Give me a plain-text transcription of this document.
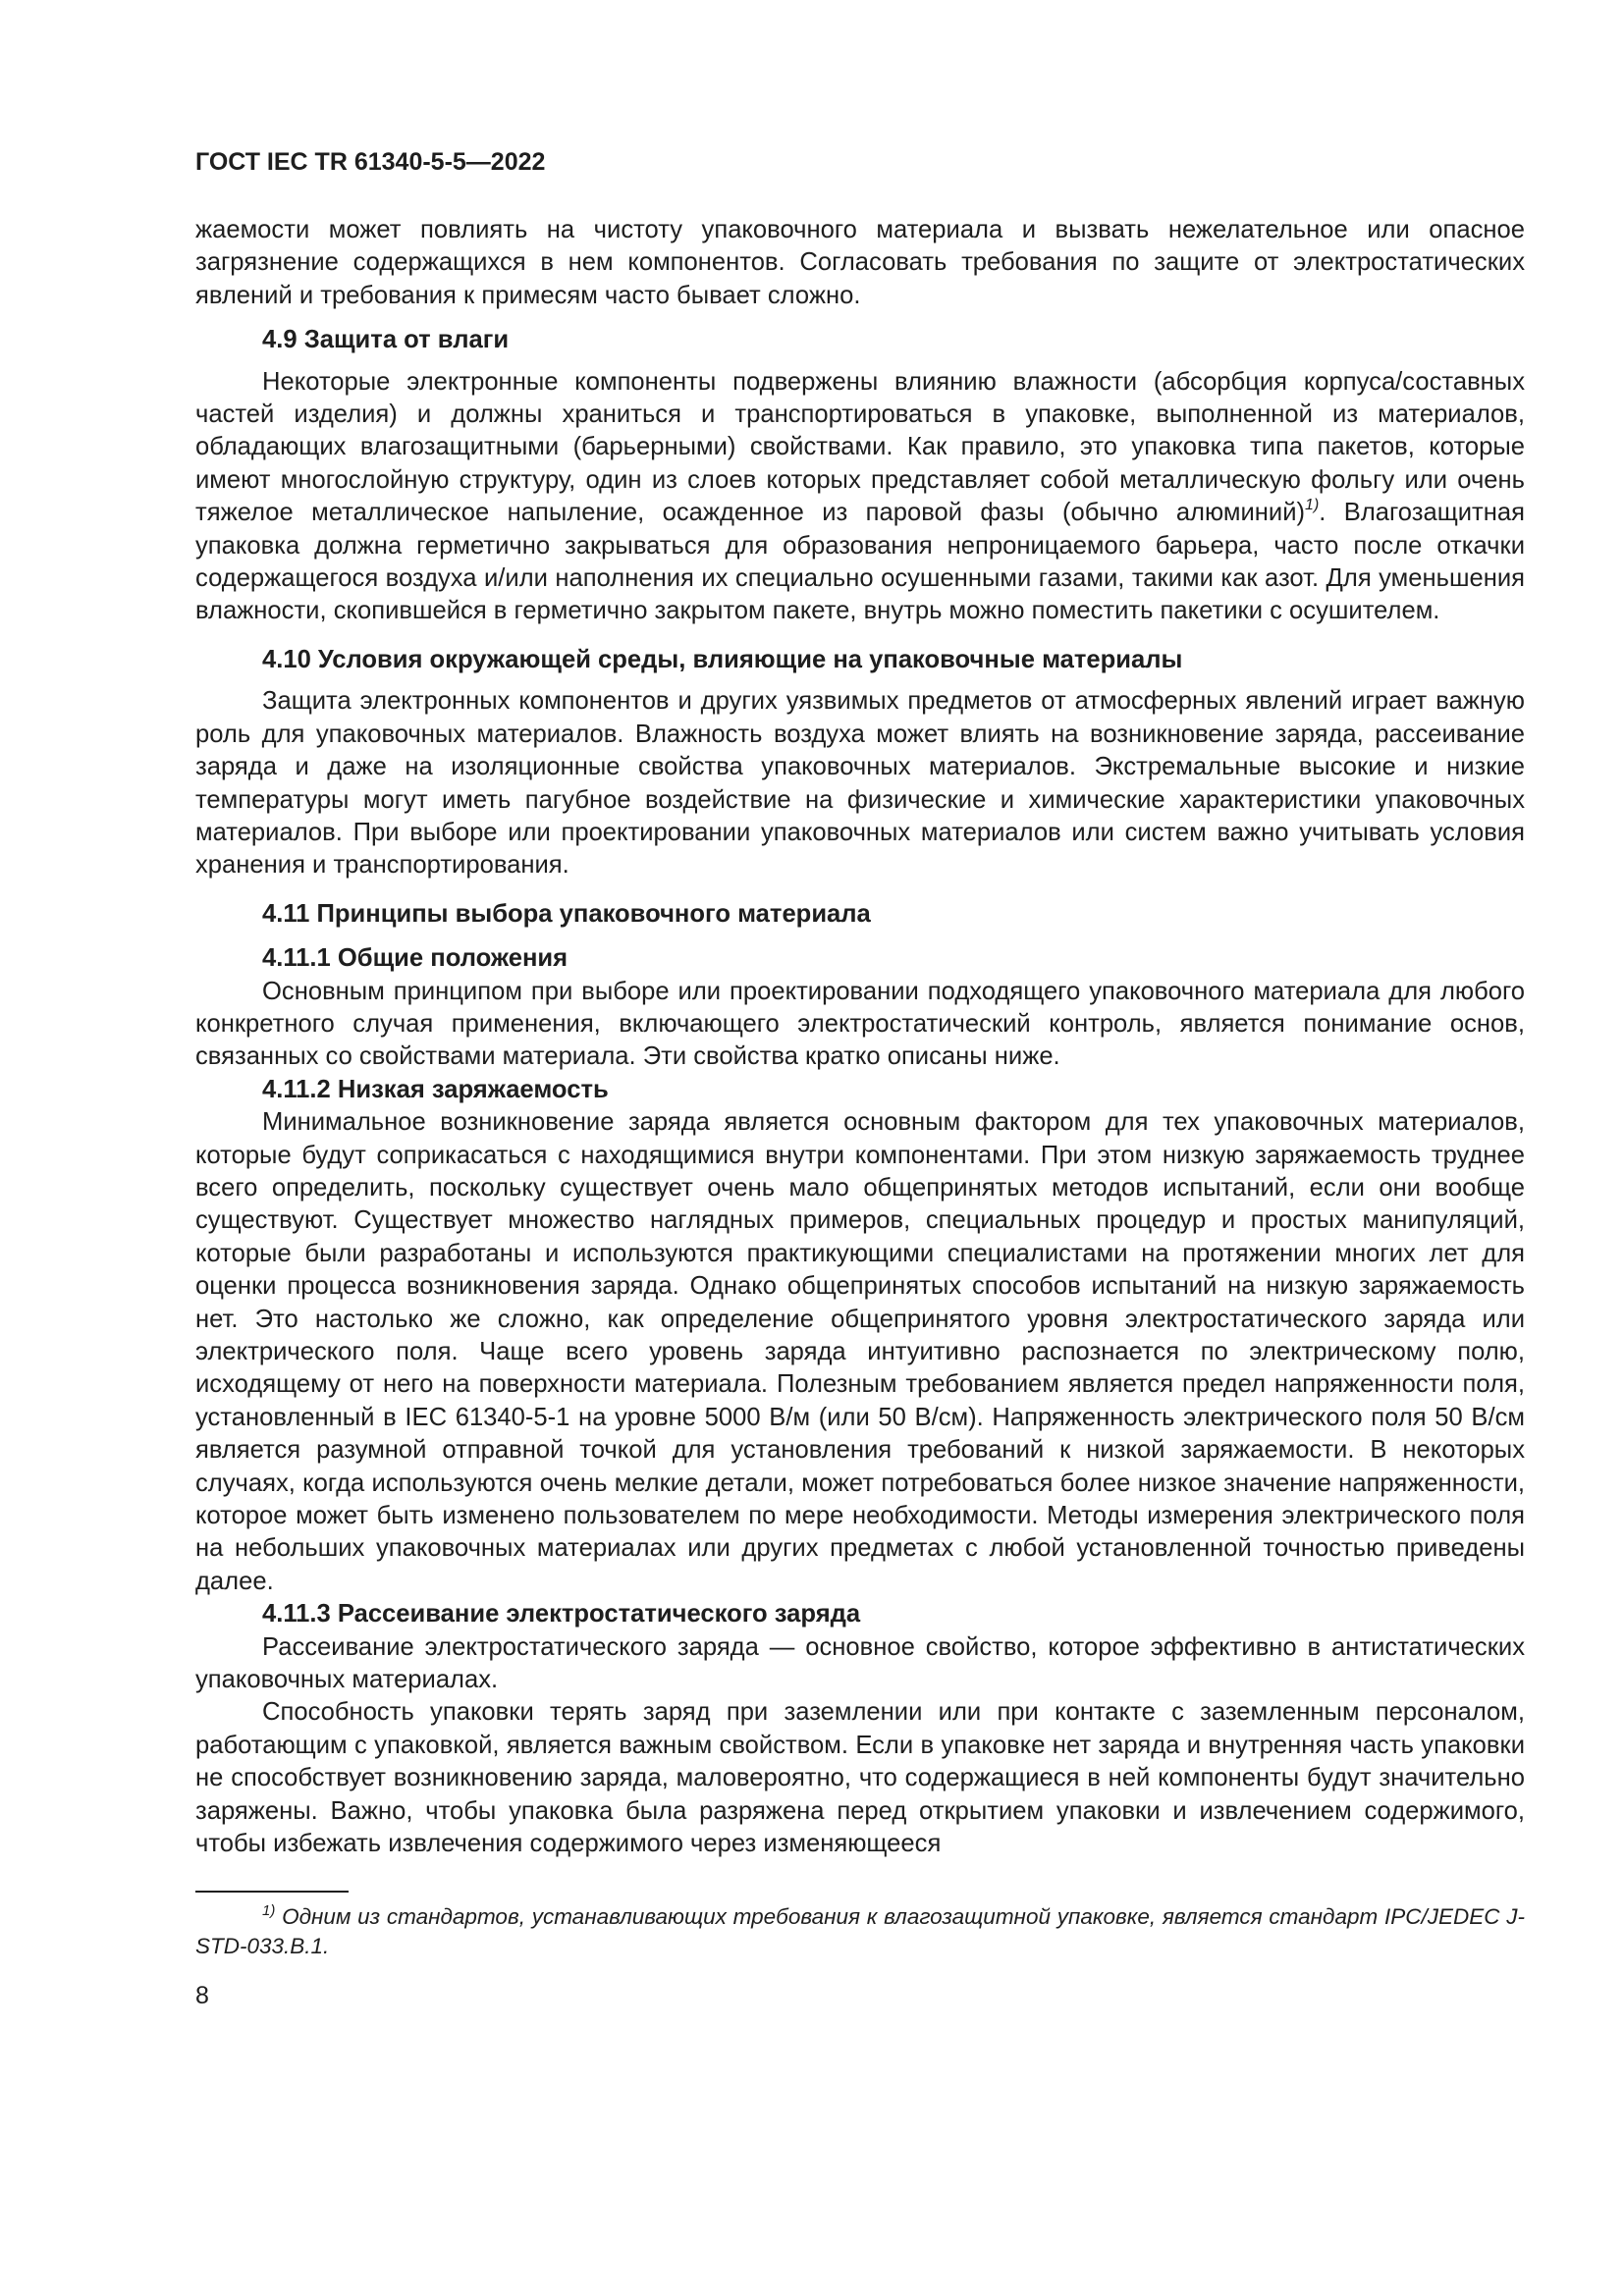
ГОСТ IEC TR 61340-5-5—2022

жаемости может повлиять на чистоту упаковочного материала и вызвать нежелательное или опасное загрязнение содержащихся в нем компонентов. Согласовать требования по защите от электростатических явлений и требования к примесям часто бывает сложно.

4.9 Защита от влаги

Некоторые электронные компоненты подвержены влиянию влажности (абсорбция корпуса/составных частей изделия) и должны храниться и транспортироваться в упаковке, выполненной из материалов, обладающих влагозащитными (барьерными) свойствами. Как правило, это упаковка типа пакетов, которые имеют многослойную структуру, один из слоев которых представляет собой металлическую фольгу или очень тяжелое металлическое напыление, осажденное из паровой фазы (обычно алюминий)$^{1)}$. Влагозащитная упаковка должна герметично закрываться для образования непроницаемого барьера, часто после откачки содержащегося воздуха и/или наполнения их специально осушенными газами, такими как азот. Для уменьшения влажности, скопившейся в герметично закрытом пакете, внутрь можно поместить пакетики с осушителем.

4.10 Условия окружающей среды, влияющие на упаковочные материалы

Защита электронных компонентов и других уязвимых предметов от атмосферных явлений играет важную роль для упаковочных материалов. Влажность воздуха может влиять на возникновение заряда, рассеивание заряда и даже на изоляционные свойства упаковочных материалов. Экстремальные высокие и низкие температуры могут иметь пагубное воздействие на физические и химические характеристики упаковочных материалов. При выборе или проектировании упаковочных материалов или систем важно учитывать условия хранения и транспортирования.

4.11 Принципы выбора упаковочного материала
4.11.1 Общие положения

Основным принципом при выборе или проектировании подходящего упаковочного материала для любого конкретного случая применения, включающего электростатический контроль, является понимание основ, связанных со свойствами материала. Эти свойства кратко описаны ниже.

4.11.2 Низкая заряжаемость

Минимальное возникновение заряда является основным фактором для тех упаковочных материалов, которые будут соприкасаться с находящимися внутри компонентами. При этом низкую заряжаемость труднее всего определить, поскольку существует очень мало общепринятых методов испытаний, если они вообще существуют. Существует множество наглядных примеров, специальных процедур и простых манипуляций, которые были разработаны и используются практикующими специалистами на протяжении многих лет для оценки процесса возникновения заряда. Однако общепринятых способов испытаний на низкую заряжаемость нет. Это настолько же сложно, как определение общепринятого уровня электростатического заряда или электрического поля. Чаще всего уровень заряда интуитивно распознается по электрическому полю, исходящему от него на поверхности материала. Полезным требованием является предел напряженности поля, установленный в IEC 61340-5-1 на уровне 5000 В/м (или 50 В/см). Напряженность электрического поля 50 В/см является разумной отправной точкой для установления требований к низкой заряжаемости. В некоторых случаях, когда используются очень мелкие детали, может потребоваться более низкое значение напряженности, которое может быть изменено пользователем по мере необходимости. Методы измерения электрического поля на небольших упаковочных материалах или других предметах с любой установленной точностью приведены далее.

4.11.3 Рассеивание электростатического заряда

Рассеивание электростатического заряда — основное свойство, которое эффективно в антистатических упаковочных материалах.

Способность упаковки терять заряд при заземлении или при контакте с заземленным персоналом, работающим с упаковкой, является важным свойством. Если в упаковке нет заряда и внутренняя часть упаковки не способствует возникновению заряда, маловероятно, что содержащиеся в ней компоненты будут значительно заряжены. Важно, чтобы упаковка была разряжена перед открытием упаковки и извлечением содержимого, чтобы избежать извлечения содержимого через изменяющееся

$^{1)}$ Одним из стандартов, устанавливающих требования к влагозащитной упаковке, является стандарт IPC/JEDEC J-STD-033.B.1.

8
